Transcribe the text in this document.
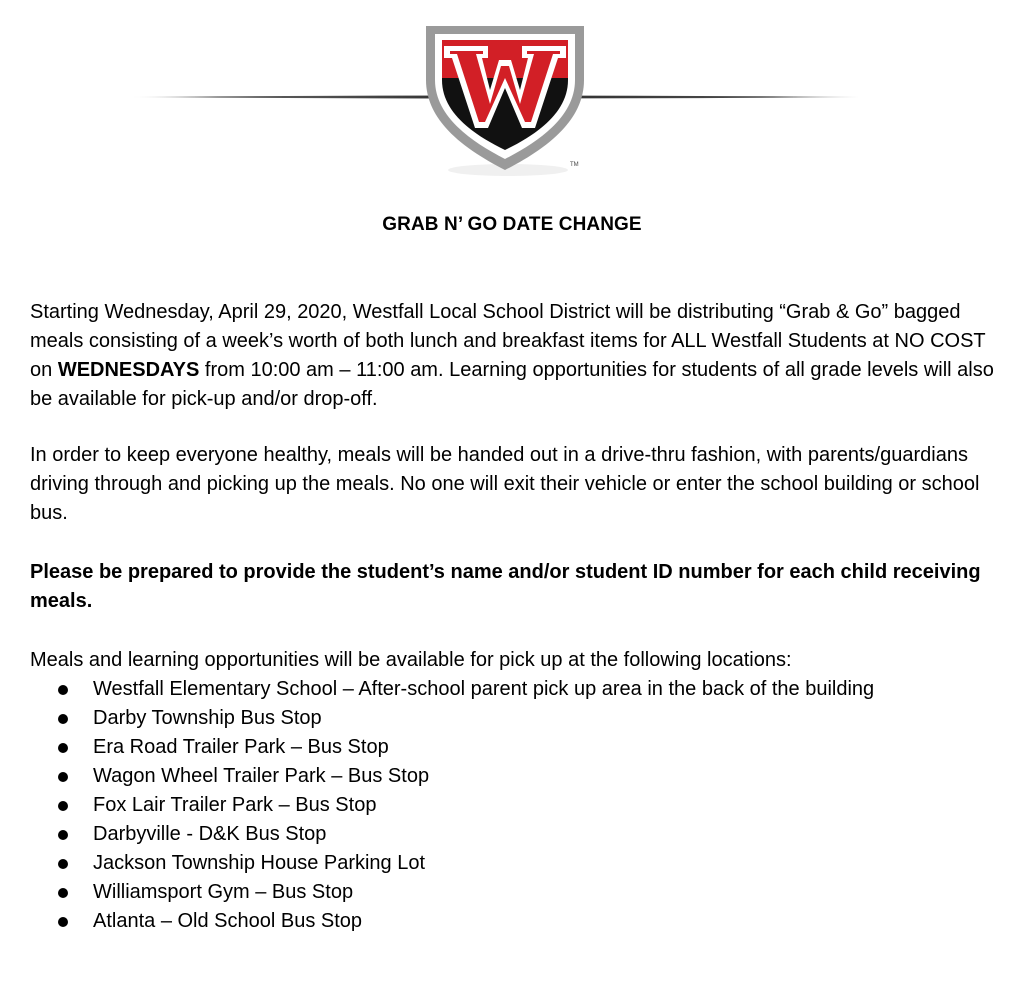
TM
GRAB N’ GO DATE CHANGE

Starting Wednesday, April 29, 2020, Westfall Local School District will be distributing “Grab & Go” bagged meals consisting of a week’s worth of both lunch and breakfast items for ALL Westfall Students at NO COST on WEDNESDAYS from 10:00 am – 11:00 am. Learning opportunities for students of all grade levels will also be available for pick-up and/or drop-off.

In order to keep everyone healthy, meals will be handed out in a drive-thru fashion, with parents/guardians driving through and picking up the meals. No one will exit their vehicle or enter the school building or school bus.

Please be prepared to provide the student’s name and/or student ID number for each child receiving meals.

Meals and learning opportunities will be available for pick up at the following locations:

Westfall Elementary School – After-school parent pick up area in the back of the building
Darby Township Bus Stop
Era Road Trailer Park – Bus Stop
Wagon Wheel Trailer Park – Bus Stop
Fox Lair Trailer Park – Bus Stop
Darbyville - D&K Bus Stop
Jackson Township House Parking Lot
Williamsport Gym – Bus Stop
Atlanta – Old School Bus Stop
